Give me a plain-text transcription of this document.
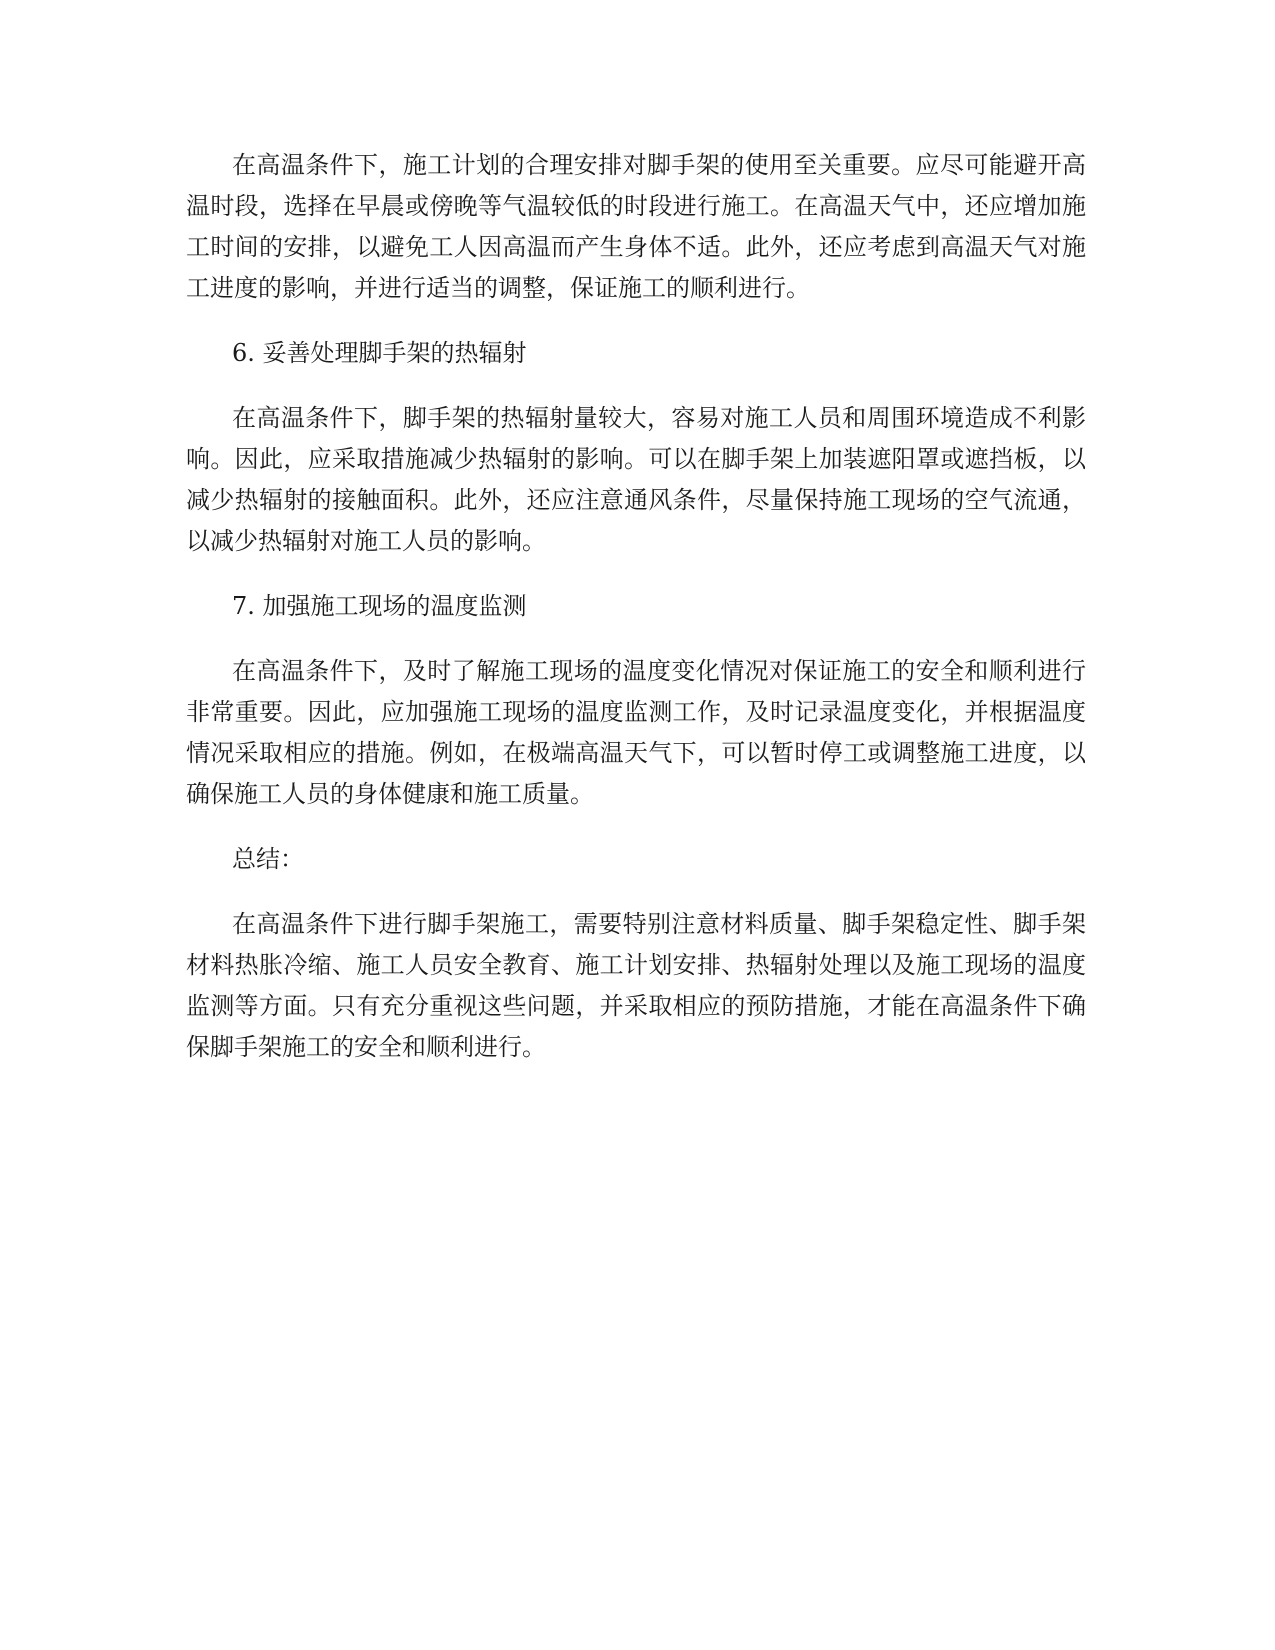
在高温条件下，施工计划的合理安排对脚手架的使用至关重要。应尽可能避开高温时段，选择在早晨或傍晚等气温较低的时段进行施工。在高温天气中，还应增加施工时间的安排，以避免工人因高温而产生身体不适。此外，还应考虑到高温天气对施工进度的影响，并进行适当的调整，保证施工的顺利进行。

6. 妥善处理脚手架的热辐射

在高温条件下，脚手架的热辐射量较大，容易对施工人员和周围环境造成不利影响。因此，应采取措施减少热辐射的影响。可以在脚手架上加装遮阳罩或遮挡板，以减少热辐射的接触面积。此外，还应注意通风条件，尽量保持施工现场的空气流通，以减少热辐射对施工人员的影响。

7. 加强施工现场的温度监测

在高温条件下，及时了解施工现场的温度变化情况对保证施工的安全和顺利进行非常重要。因此，应加强施工现场的温度监测工作，及时记录温度变化，并根据温度情况采取相应的措施。例如，在极端高温天气下，可以暂时停工或调整施工进度，以确保施工人员的身体健康和施工质量。

总结：

在高温条件下进行脚手架施工，需要特别注意材料质量、脚手架稳定性、脚手架材料热胀冷缩、施工人员安全教育、施工计划安排、热辐射处理以及施工现场的温度监测等方面。只有充分重视这些问题，并采取相应的预防措施，才能在高温条件下确保脚手架施工的安全和顺利进行。
